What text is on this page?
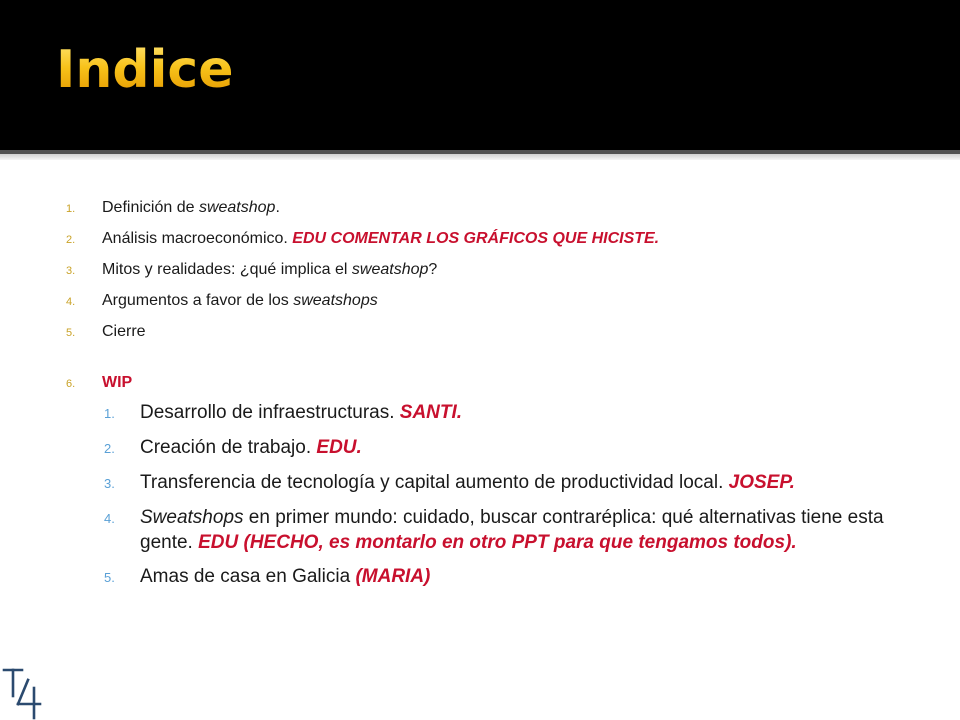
Indice
1.	Definición de sweatshop.
2.	Análisis macroeconómico. EDU COMENTAR LOS GRÁFICOS QUE HICISTE.
3.	Mitos y realidades: ¿qué implica el sweatshop?
4.	Argumentos a favor de los sweatshops
5.	Cierre
6.	WIP
1.	Desarrollo de infraestructuras. SANTI.
2.	Creación de trabajo. EDU.
3.	Transferencia de tecnología y capital aumento de productividad local. JOSEP.
4.	Sweatshops en primer mundo: cuidado, buscar contraréplica: qué alternativas tiene esta gente. EDU (HECHO, es montarlo en otro PPT para que tengamos todos).
5.	Amas de casa en Galicia (MARIA)
